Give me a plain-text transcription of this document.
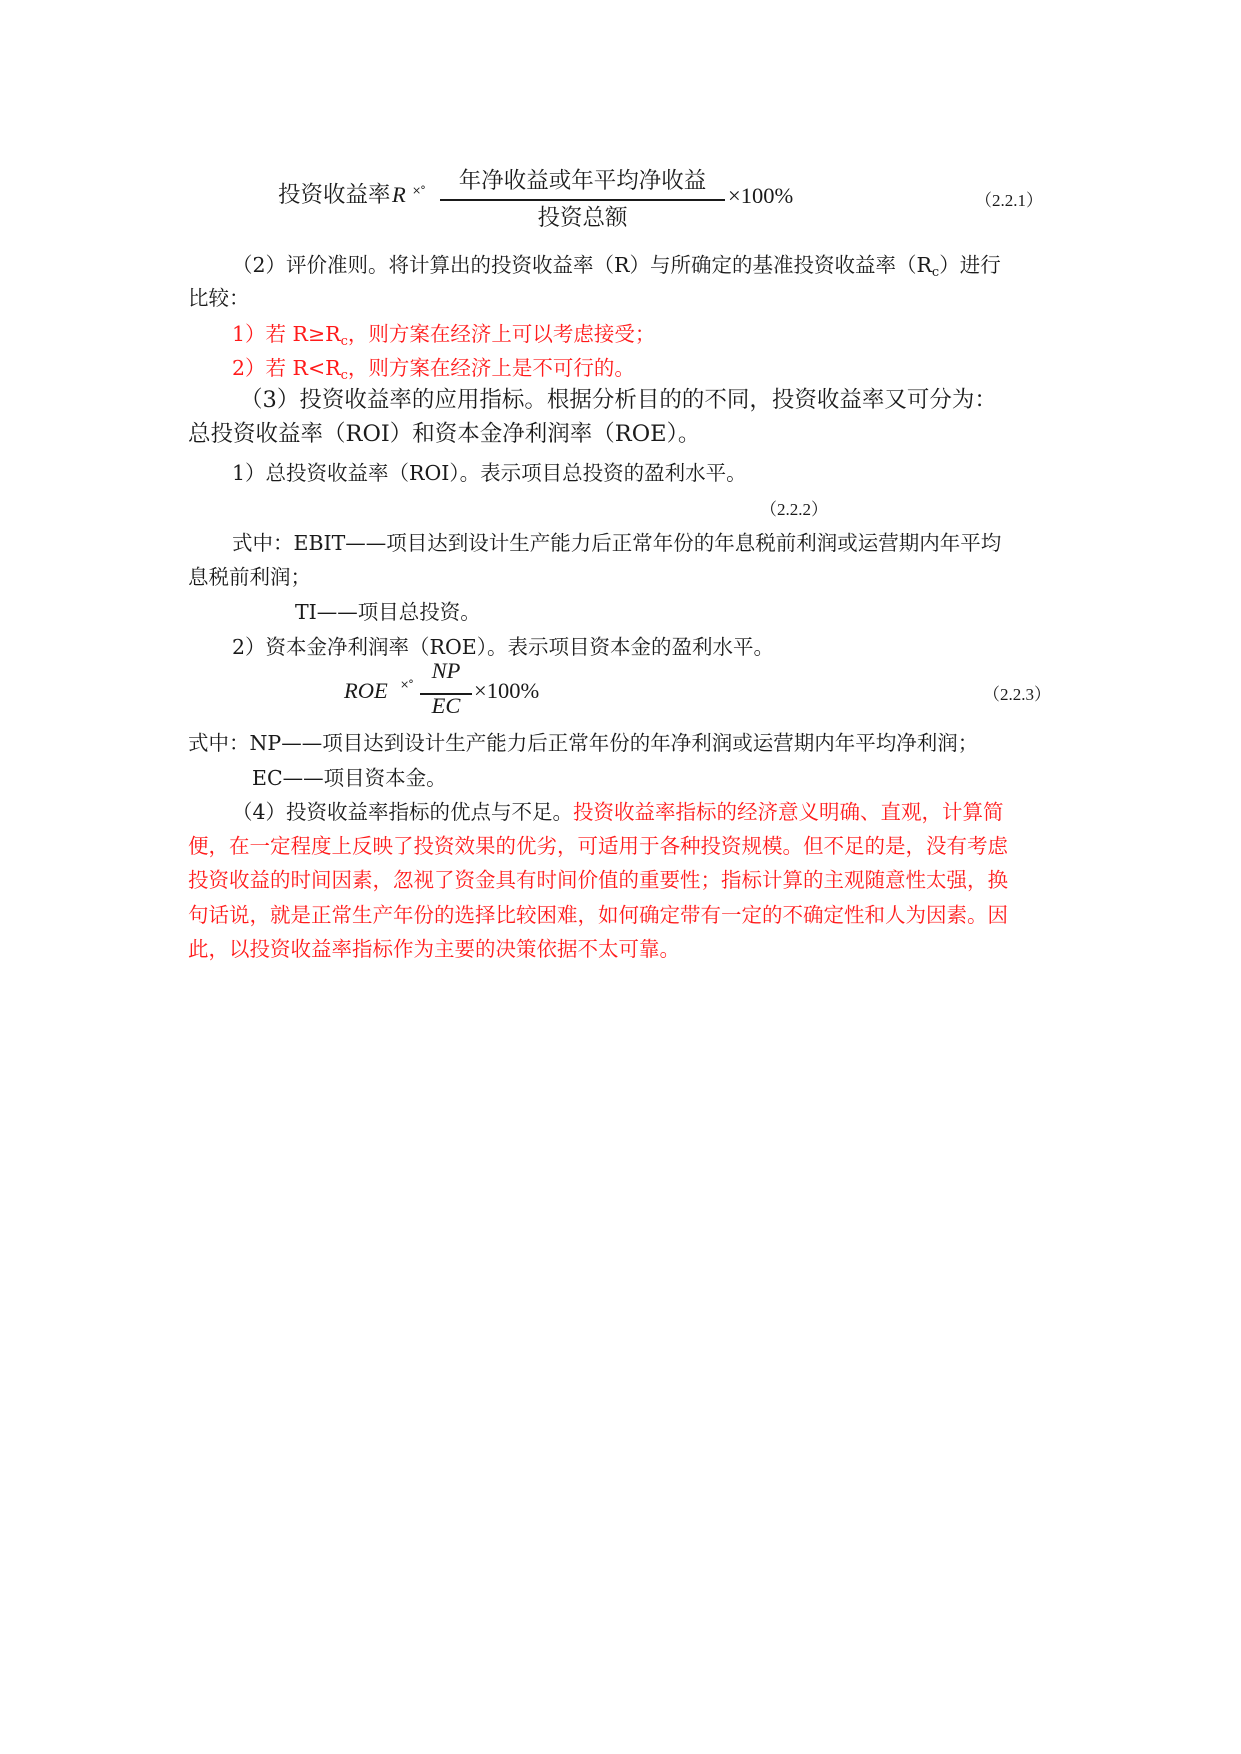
投资收益率 R ×°	年净收益或年平均净收益
投资总额
×100%	（2.2.1）
（2）评价准则。将计算出的投资收益率（R）与所确定的基准投资收益率$(R_c)$进行
比较：
1）若 $R\ge R_c$，则方案在经济上可以考虑接受；
2）若 $R<R_c$，则方案在经济上是不可行的。
（3）投资收益率的应用指标。根据分析目的的不同，投资收益率又可分为：
总投资收益率（ROI）和资本金净利润率（ROE）。
1）总投资收益率（ROI）。表示项目总投资的盈利水平。
（2.2.2）
式中：EBIT——项目达到设计生产能力后正常年份的年息税前利润或运营期内年平均
息税前利润；
TI——项目总投资。
2）资本金净利润率（ROE）。表示项目资本金的盈利水平。
ROE ×°
NP
EC
×100%	（2.2.3）
式中：NP——项目达到设计生产能力后正常年份的年净利润或运营期内年平均净利润；
EC——项目资本金。
（4）投资收益率指标的优点与不足。投资收益率指标的经济意义明确、直观，计算简
便，在一定程度上反映了投资效果的优劣，可适用于各种投资规模。但不足的是，没有考虑
投资收益的时间因素，忽视了资金具有时间价值的重要性；指标计算的主观随意性太强，换
句话说，就是正常生产年份的选择比较困难，如何确定带有一定的不确定性和人为因素。因
此，以投资收益率指标作为主要的决策依据不太可靠。
